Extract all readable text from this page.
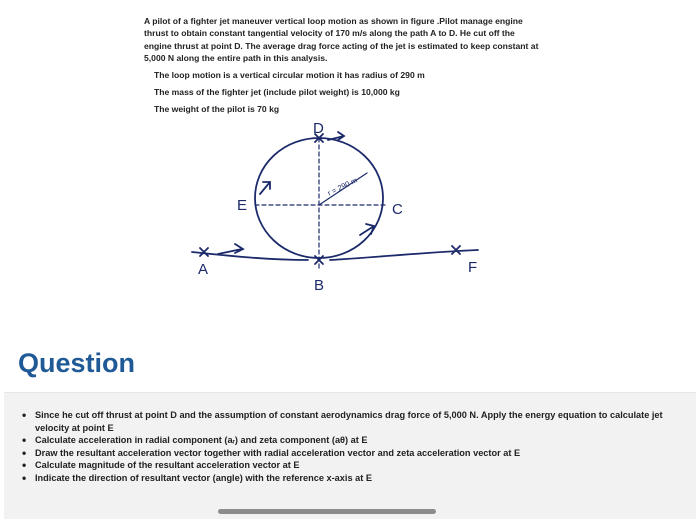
A pilot of a fighter jet maneuver vertical loop motion as shown in figure .Pilot manage engine thrust to obtain constant tangential velocity of 170 m/s along the path A to D. He cut off the engine thrust at point D. The average drag force acting of the jet is estimated to keep constant at 5,000 N along the entire path in this analysis.

The loop motion is a vertical circular motion it has radius of 290 m

The mass of the fighter jet (include pilot weight) is 10,000 kg

The weight of the pilot is 70 kg

A
B
C
D
E
F
r = 290 m
Question
• Since he cut off thrust at point D and the assumption of constant aerodynamics drag force of 5,000 N. Apply the energy equation to calculate jet velocity at point E
• Calculate acceleration in radial component (aᵣ) and zeta component (aθ) at E
• Draw the resultant acceleration vector together with radial acceleration vector and zeta acceleration vector at E
• Calculate magnitude of the resultant acceleration vector at E
• Indicate the direction of resultant vector (angle) with the reference x-axis at E
